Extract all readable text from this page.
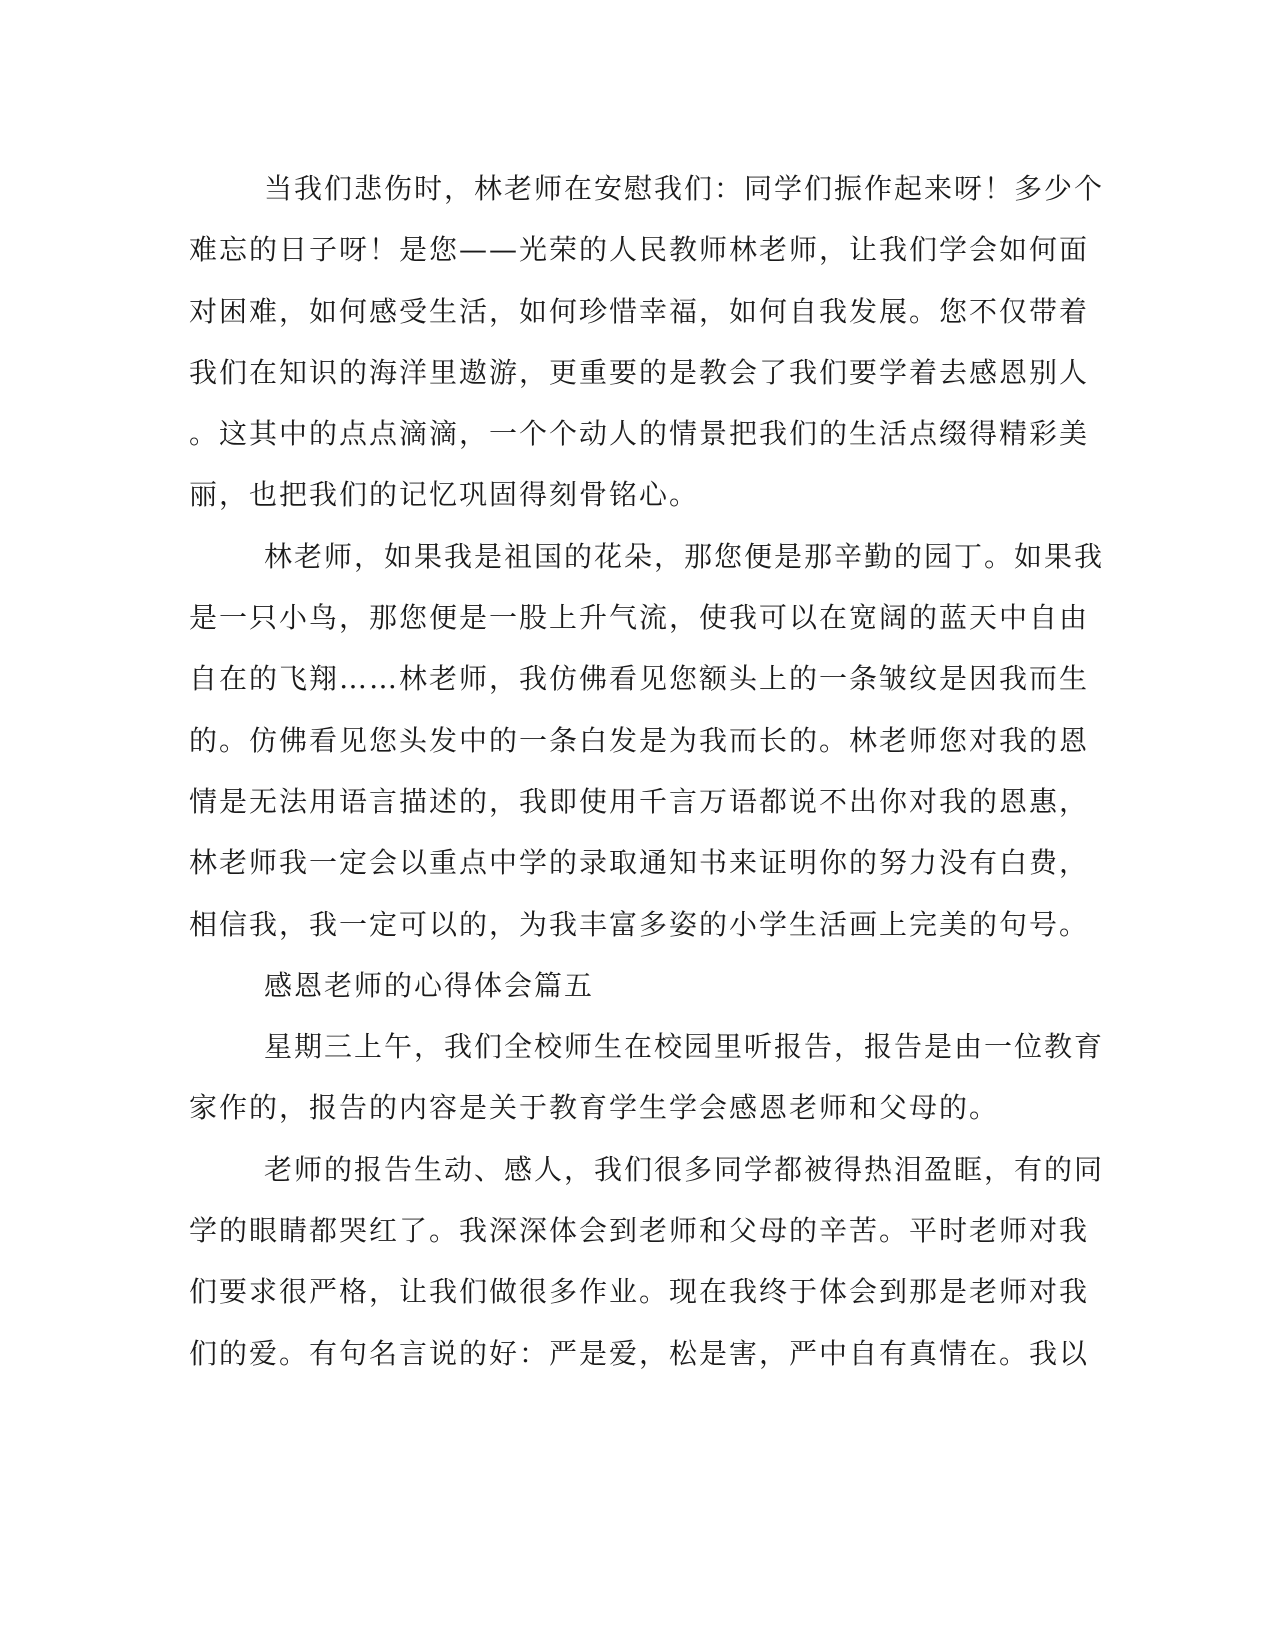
当我们悲伤时，林老师在安慰我们：同学们振作起来呀！多少个
难忘的日子呀！是您——光荣的人民教师林老师，让我们学会如何面
对困难，如何感受生活，如何珍惜幸福，如何自我发展。您不仅带着
我们在知识的海洋里遨游，更重要的是教会了我们要学着去感恩别人
。这其中的点点滴滴，一个个动人的情景把我们的生活点缀得精彩美
丽，也把我们的记忆巩固得刻骨铭心。
林老师，如果我是祖国的花朵，那您便是那辛勤的园丁。如果我
是一只小鸟，那您便是一股上升气流，使我可以在宽阔的蓝天中自由
自在的飞翔……林老师，我仿佛看见您额头上的一条皱纹是因我而生
的。仿佛看见您头发中的一条白发是为我而长的。林老师您对我的恩
情是无法用语言描述的，我即使用千言万语都说不出你对我的恩惠，
林老师我一定会以重点中学的录取通知书来证明你的努力没有白费，
相信我，我一定可以的，为我丰富多姿的小学生活画上完美的句号。
感恩老师的心得体会篇五
星期三上午，我们全校师生在校园里听报告，报告是由一位教育
家作的，报告的内容是关于教育学生学会感恩老师和父母的。
老师的报告生动、感人，我们很多同学都被得热泪盈眶，有的同
学的眼睛都哭红了。我深深体会到老师和父母的辛苦。平时老师对我
们要求很严格，让我们做很多作业。现在我终于体会到那是老师对我
们的爱。有句名言说的好：严是爱，松是害，严中自有真情在。我以
